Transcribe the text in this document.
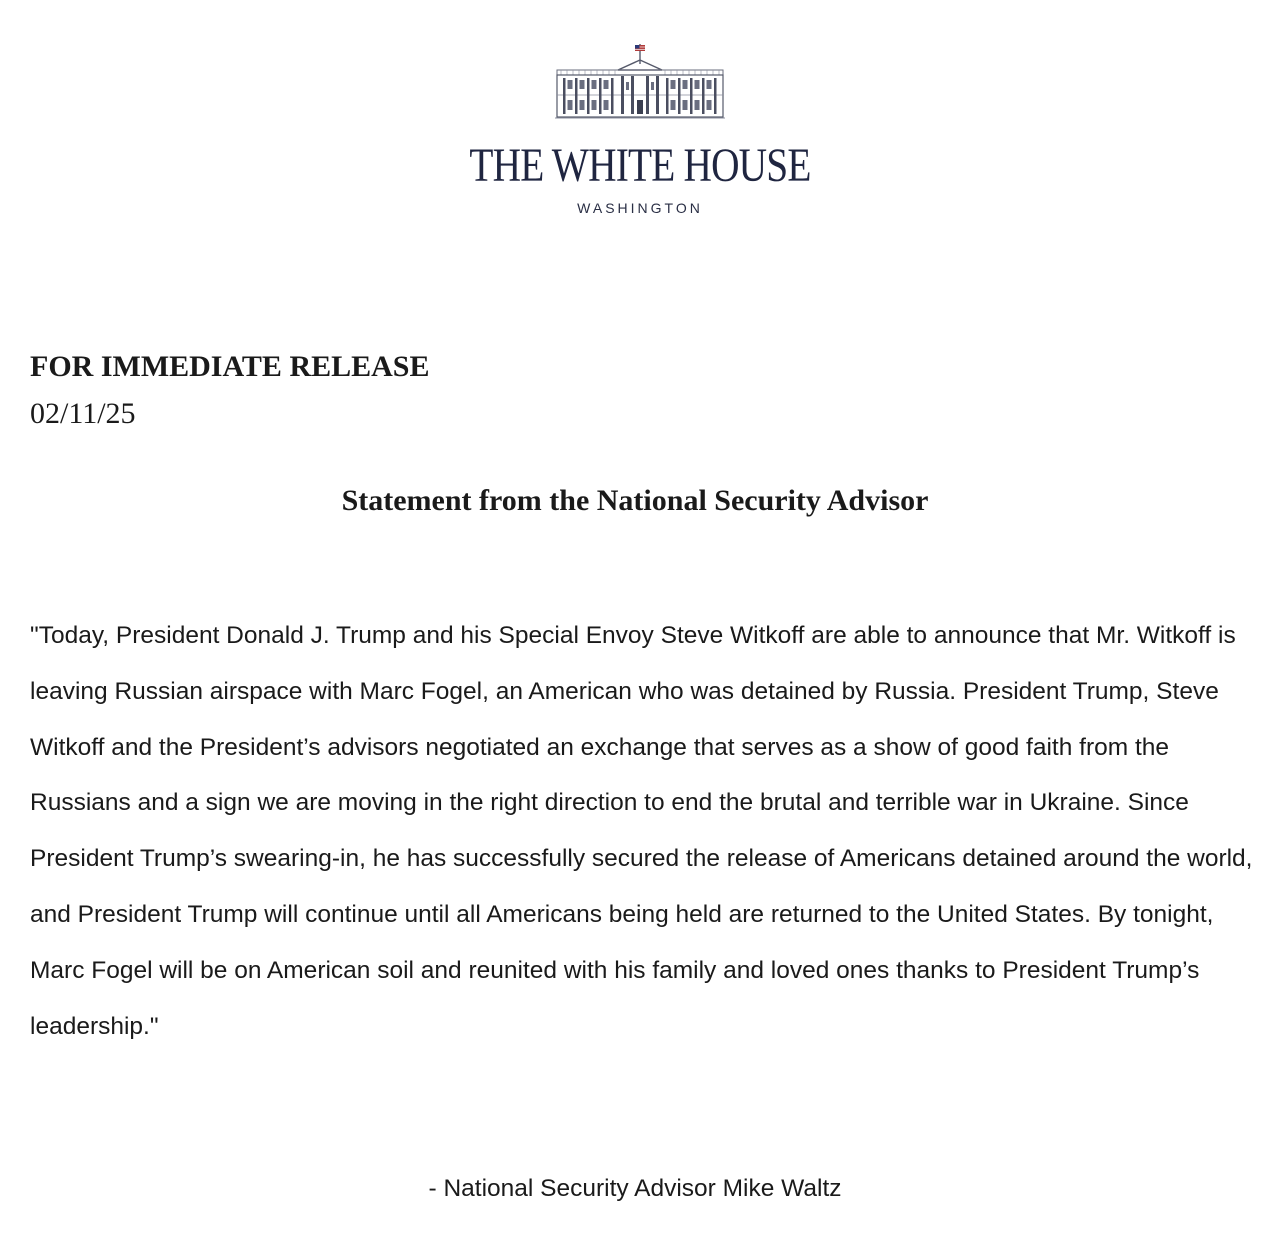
THE WHITE HOUSE
WASHINGTON
FOR IMMEDIATE RELEASE
02/11/25
Statement from the National Security Advisor

"Today, President Donald J. Trump and his Special Envoy Steve Witkoff are able to announce that Mr. Witkoff is leaving Russian airspace with Marc Fogel, an American who was detained by Russia. President Trump, Steve Witkoff and the President’s advisors negotiated an exchange that serves as a show of good faith from the Russians and a sign we are moving in the right direction to end the brutal and terrible war in Ukraine. Since President Trump’s swearing-in, he has successfully secured the release of Americans detained around the world, and President Trump will continue until all Americans being held are returned to the United States. By tonight, Marc Fogel will be on American soil and reunited with his family and loved ones thanks to President Trump’s leadership."

- National Security Advisor Mike Waltz
